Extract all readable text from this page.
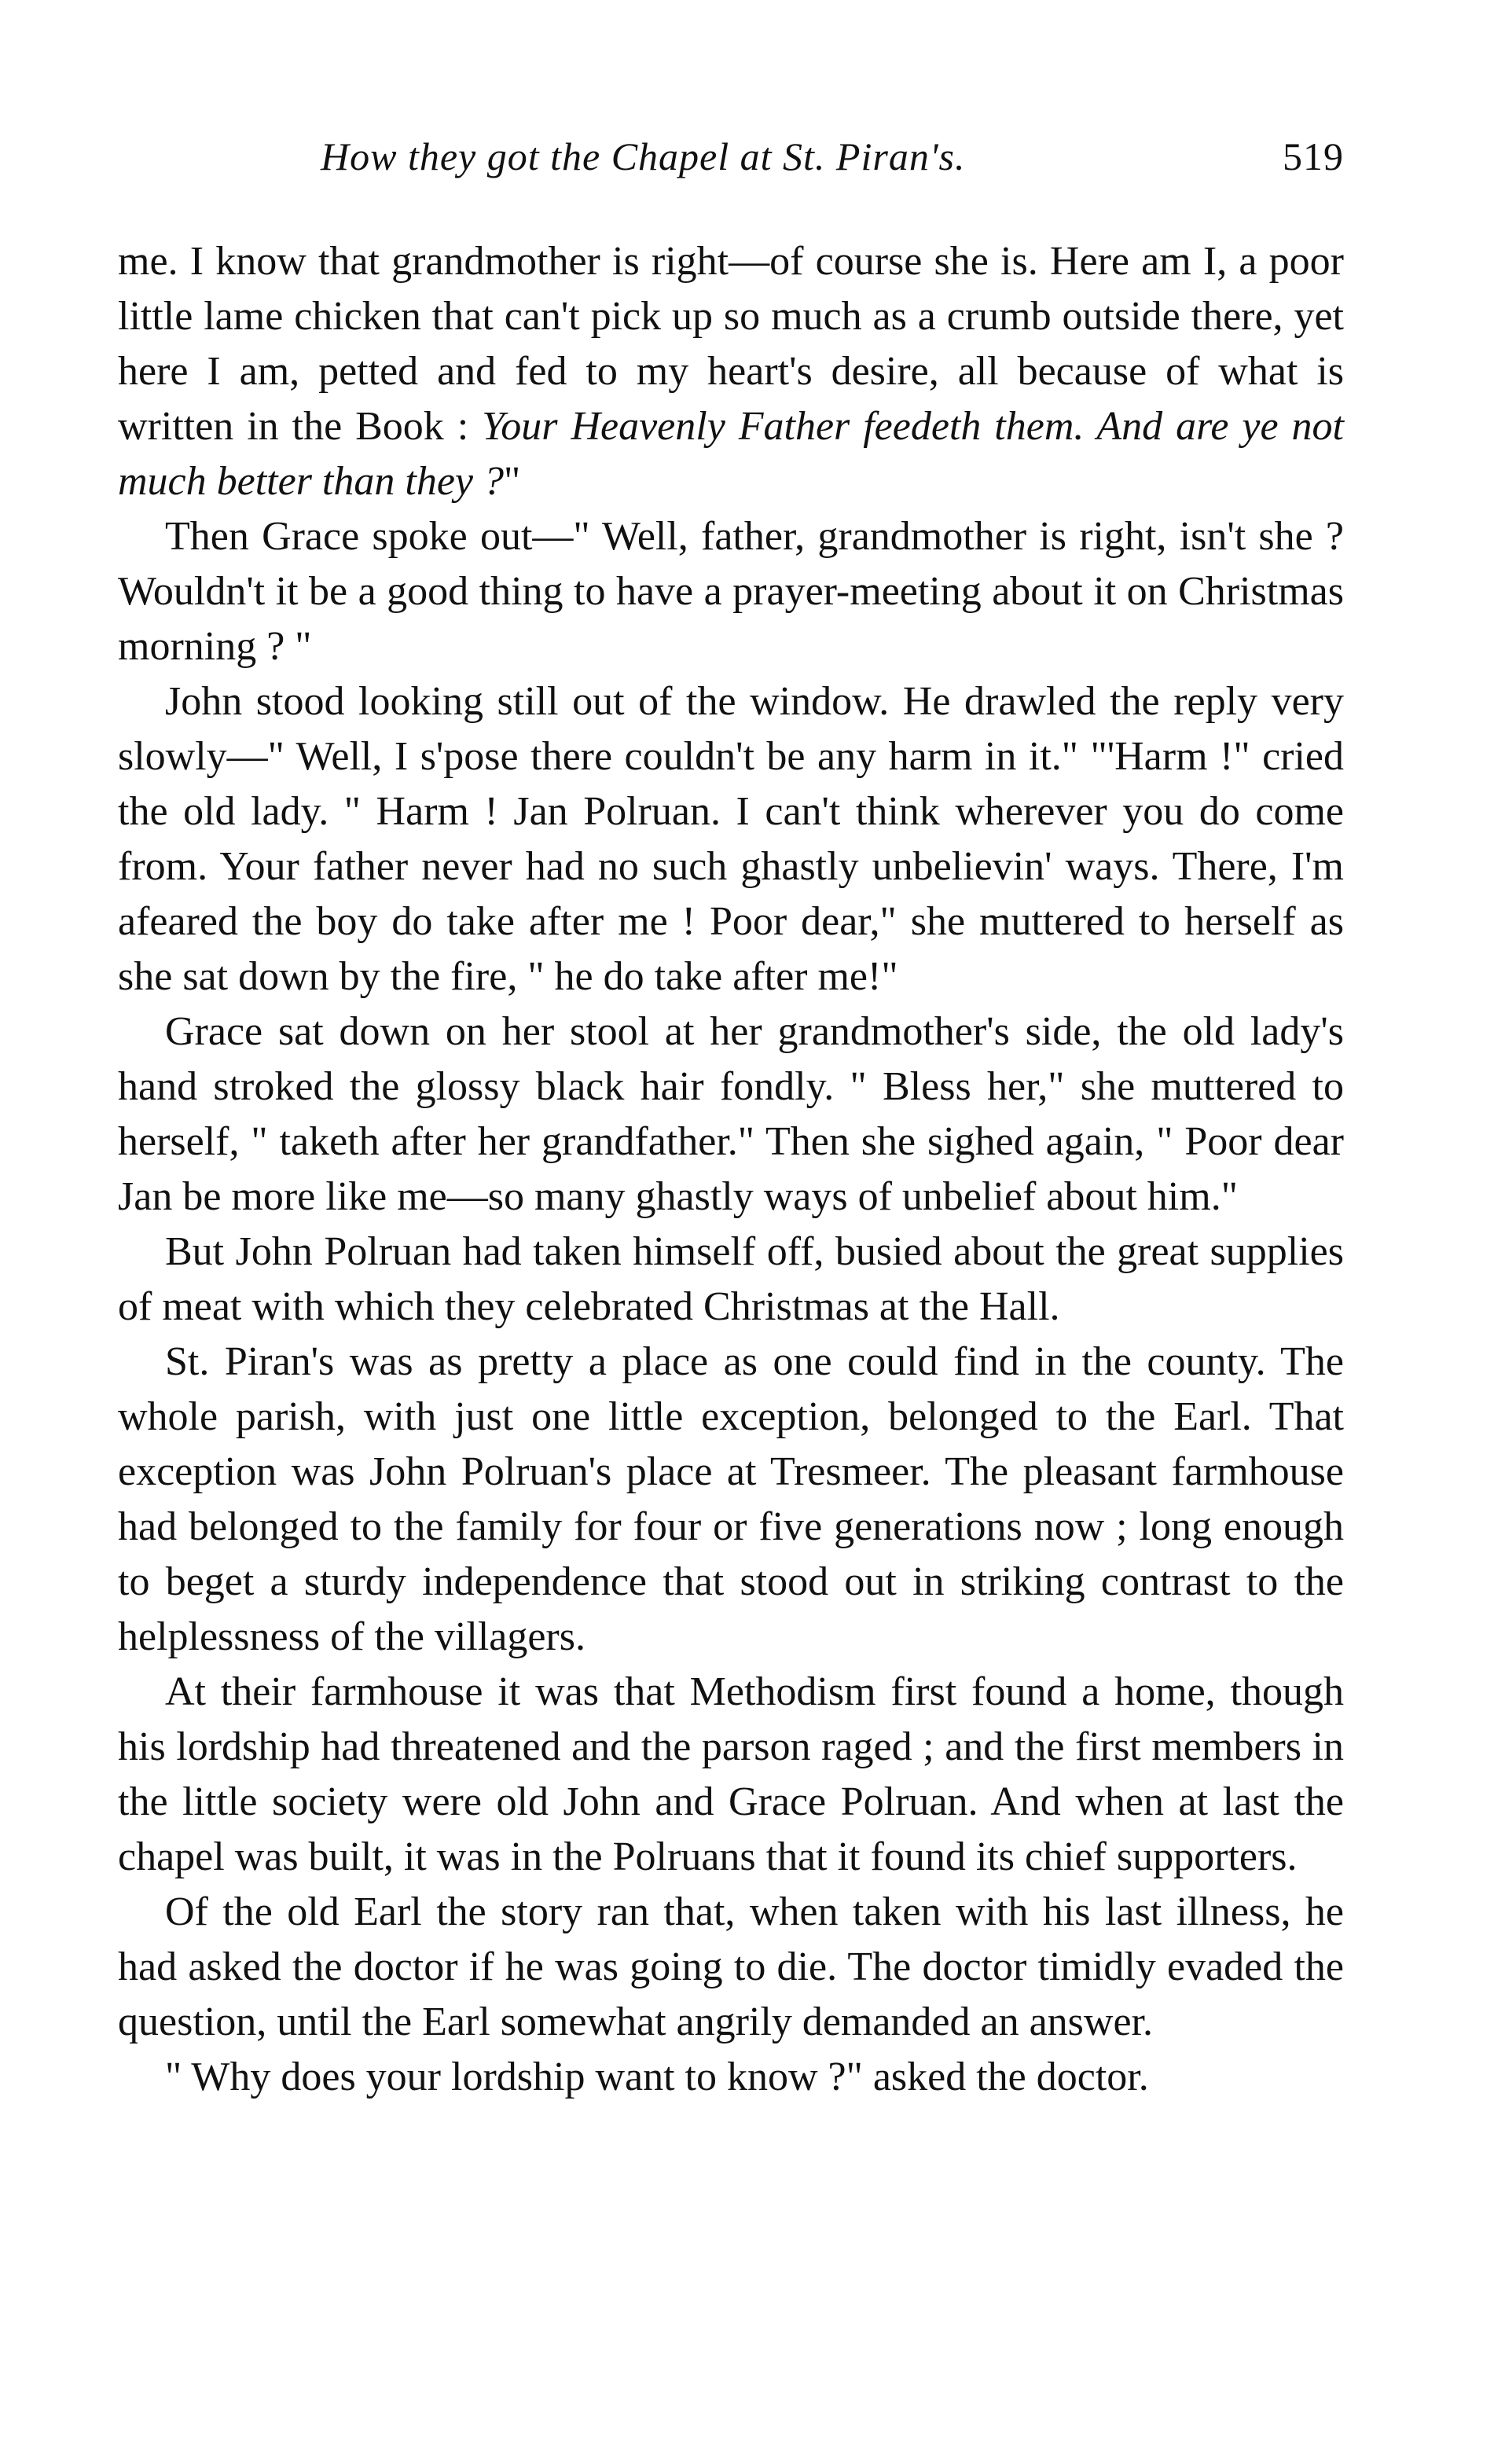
How they got the Chapel at St. Piran's.	519

me. I know that grandmother is right—of course she is. Here am I, a poor little lame chicken that can't pick up so much as a crumb outside there, yet here I am, petted and fed to my heart's desire, all because of what is written in the Book : Your Heavenly Father feedeth them. And are ye not much better than they ?"

Then Grace spoke out—" Well, father, grandmother is right, isn't she ? Wouldn't it be a good thing to have a prayer-meeting about it on Christmas morning ? "

John stood looking still out of the window. He drawled the reply very slowly—" Well, I s'pose there couldn't be any harm in it." "'Harm !" cried the old lady. " Harm ! Jan Polruan. I can't think wherever you do come from. Your father never had no such ghastly unbelievin' ways. There, I'm afeared the boy do take after me ! Poor dear," she muttered to herself as she sat down by the fire, " he do take after me!"

Grace sat down on her stool at her grandmother's side, the old lady's hand stroked the glossy black hair fondly. " Bless her," she muttered to herself, " taketh after her grandfather." Then she sighed again, " Poor dear Jan be more like me—so many ghastly ways of unbelief about him."

But John Polruan had taken himself off, busied about the great supplies of meat with which they celebrated Christmas at the Hall.

St. Piran's was as pretty a place as one could find in the county. The whole parish, with just one little exception, belonged to the Earl. That exception was John Polruan's place at Tresmeer. The pleasant farmhouse had belonged to the family for four or five generations now ; long enough to beget a sturdy independence that stood out in striking contrast to the helplessness of the villagers.

At their farmhouse it was that Methodism first found a home, though his lordship had threatened and the parson raged ; and the first members in the little society were old John and Grace Polruan. And when at last the chapel was built, it was in the Polruans that it found its chief supporters.

Of the old Earl the story ran that, when taken with his last illness, he had asked the doctor if he was going to die. The doctor timidly evaded the question, until the Earl somewhat angrily demanded an answer.

" Why does your lordship want to know ?" asked the doctor.
